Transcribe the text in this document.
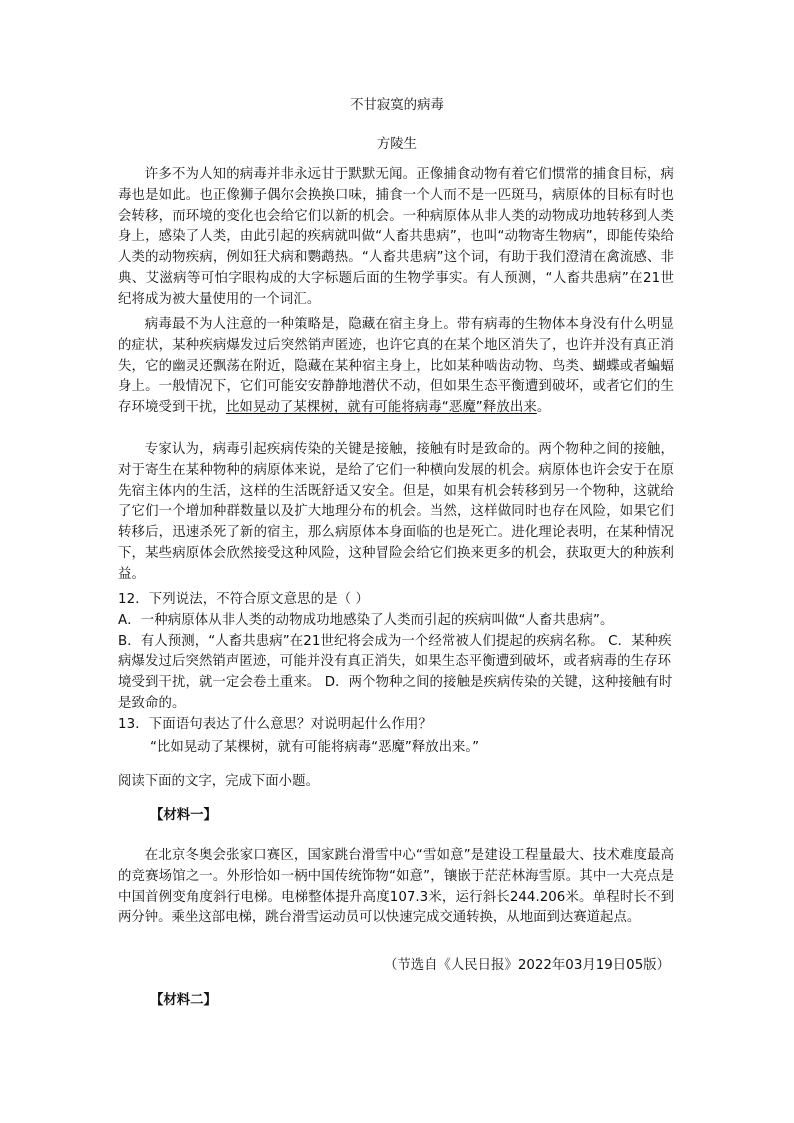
不甘寂寞的病毒
方陵生
许多不为人知的病毒并非永远甘于默默无闻。正像捕食动物有着它们惯常的捕食目标，病毒也是如此。也正像狮子偶尔会换换口味，捕食一个人而不是一匹斑马，病原体的目标有时也会转移，而环境的变化也会给它们以新的机会。一种病原体从非人类的动物成功地转移到人类身上，感染了人类，由此引起的疾病就叫做“人畜共患病”，也叫“动物寄生物病”，即能传染给人类的动物疾病，例如狂犬病和鹦鹉热。“人畜共患病”这个词，有助于我们澄清在禽流感、非典、艾滋病等可怕字眼构成的大字标题后面的生物学事实。有人预测，“人畜共患病”在21世纪将成为被大量使用的一个词汇。
病毒最不为人注意的一种策略是，隐藏在宿主身上。带有病毒的生物体本身没有什么明显的症状，某种疾病爆发过后突然销声匿迹，也许它真的在某个地区消失了，也许并没有真正消失，它的幽灵还飘荡在附近，隐藏在某种宿主身上，比如某种啮齿动物、鸟类、蝴蝶或者蝙蝠身上。一般情况下，它们可能安安静静地潜伏不动，但如果生态平衡遭到破坏，或者它们的生存环境受到干扰，比如晃动了某棵树，就有可能将病毒“恶魔”释放出来。
专家认为，病毒引起疾病传染的关键是接触，接触有时是致命的。两个物种之间的接触，对于寄生在某种物种的病原体来说，是给了它们一种横向发展的机会。病原体也许会安于在原先宿主体内的生活，这样的生活既舒适又安全。但是，如果有机会转移到另一个物种，这就给了它们一个增加种群数量以及扩大地理分布的机会。当然，这样做同时也存在风险，如果它们转移后，迅速杀死了新的宿主，那么病原体本身面临的也是死亡。进化理论表明，在某种情况下，某些病原体会欣然接受这种风险，这种冒险会给它们换来更多的机会，获取更大的种族利益。
12．下列说法，不符合原文意思的是（ ）
A．一种病原体从非人类的动物成功地感染了人类而引起的疾病叫做“人畜共患病”。
B．有人预测，“人畜共患病”在21世纪将会成为一个经常被人们提起的疾病名称。 C．某种疾病爆发过后突然销声匿迹，可能并没有真正消失，如果生态平衡遭到破坏，或者病毒的生存环境受到干扰，就一定会卷土重来。 D．两个物种之间的接触是疾病传染的关键，这种接触有时是致命的。
13．下面语句表达了什么意思？对说明起什么作用？
“比如晃动了某棵树，就有可能将病毒“恶魔”释放出来。”
阅读下面的文字，完成下面小题。
【材料一】
在北京冬奥会张家口赛区，国家跳台滑雪中心“雪如意”是建设工程量最大、技术难度最高的竞赛场馆之一。外形恰如一柄中国传统饰物“如意”，镶嵌于茫茫林海雪原。其中一大亮点是中国首例变角度斜行电梯。电梯整体提升高度107.3米，运行斜长244.206米。单程时长不到两分钟。乘坐这部电梯，跳台滑雪运动员可以快速完成交通转换，从地面到达赛道起点。
（节选自《人民日报》2022年03月19日05版）
【材料二】
